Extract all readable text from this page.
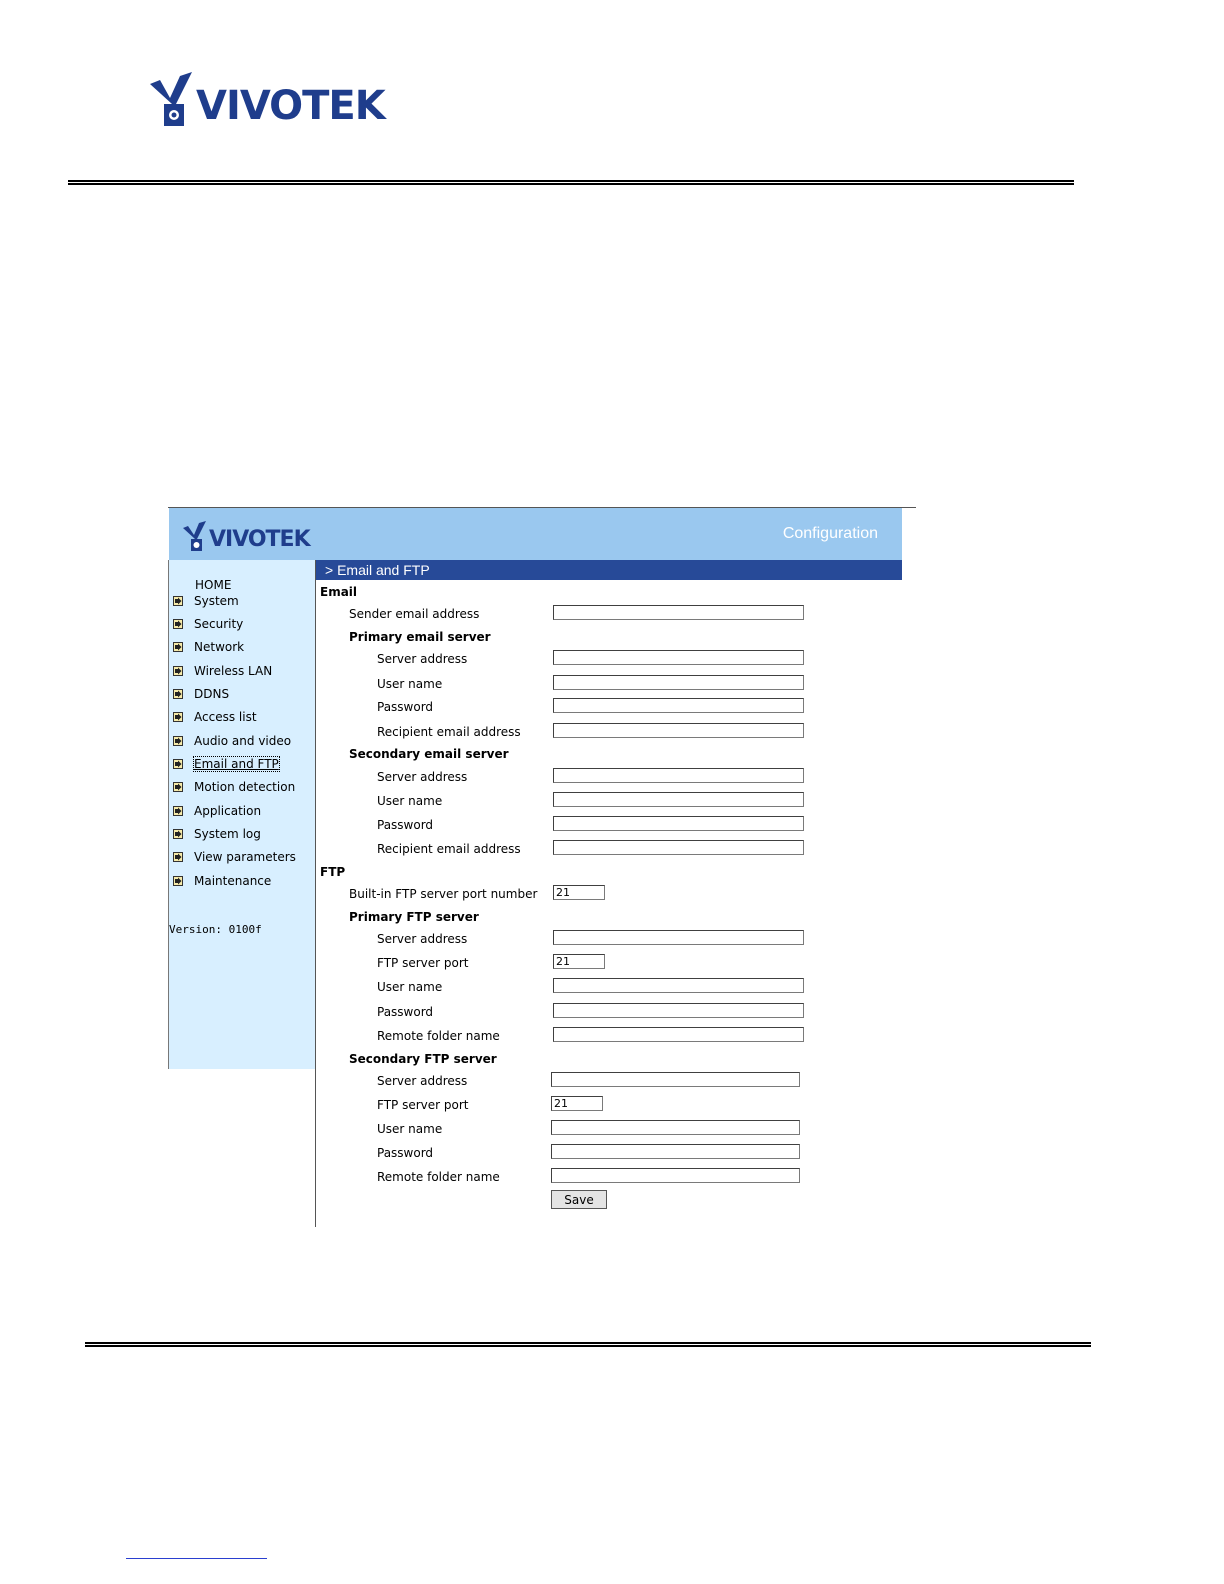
VIVOTEK
VIVOTEK	Configuration
HOME
> Email and FTP
Email
Sender email address
Primary email server
Server address
User name
Password
Recipient email address
Secondary email server
Server address
User name
Password
Recipient email address
FTP
Built-in FTP server port number
21
Primary FTP server
Server address
FTP server port
21
User name
Password
Remote folder name
Secondary FTP server
Server address
FTP server port
21
User name
Password
Remote folder name
Save
System
Security
Network
Wireless LAN
DDNS
Access list
Audio and video
Email and FTP
Motion detection
Application
System log
View parameters
Maintenance
Version: 0100f
